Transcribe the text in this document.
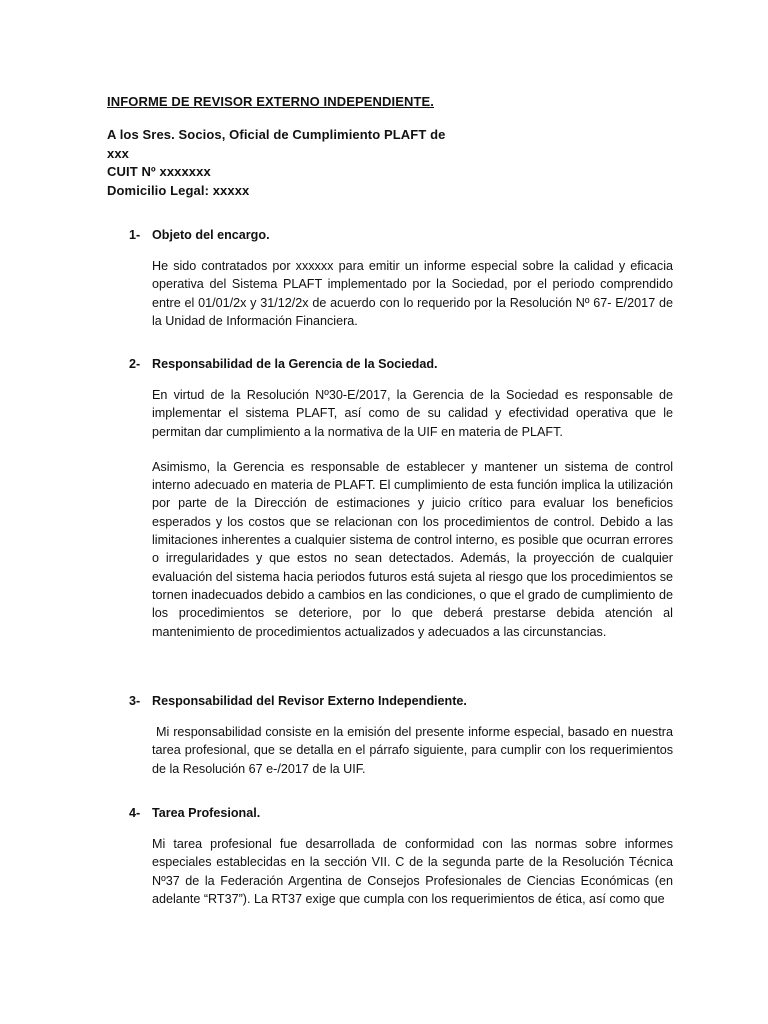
INFORME DE REVISOR EXTERNO INDEPENDIENTE.
A los Sres. Socios, Oficial de Cumplimiento PLAFT de
xxx
CUIT Nº xxxxxxx
Domicilio Legal: xxxxx
1- Objeto del encargo.

He sido contratados por xxxxxx para emitir un informe especial sobre la calidad y eficacia operativa del Sistema PLAFT implementado por la Sociedad, por el periodo comprendido entre el 01/01/2x y 31/12/2x de acuerdo con lo requerido por la Resolución Nº 67- E/2017 de la Unidad de Información Financiera.

2- Responsabilidad de la Gerencia de la Sociedad.

En virtud de la Resolución Nº30-E/2017, la Gerencia de la Sociedad es responsable de implementar el sistema PLAFT, así como de su calidad y efectividad operativa que le permitan dar cumplimiento a la normativa de la UIF en materia de PLAFT.

Asimismo, la Gerencia es responsable de establecer y mantener un sistema de control interno adecuado en materia de PLAFT. El cumplimiento de esta función implica la utilización por parte de la Dirección de estimaciones y juicio crítico para evaluar los beneficios esperados y los costos que se relacionan con los procedimientos de control. Debido a las limitaciones inherentes a cualquier sistema de control interno, es posible que ocurran errores o irregularidades y que estos no sean detectados. Además, la proyección de cualquier evaluación del sistema hacia periodos futuros está sujeta al riesgo que los procedimientos se tornen inadecuados debido a cambios en las condiciones, o que el grado de cumplimiento de los procedimientos se deteriore, por lo que deberá prestarse debida atención al mantenimiento de procedimientos actualizados y adecuados a las circunstancias.

3- Responsabilidad del Revisor Externo Independiente.

Mi responsabilidad consiste en la emisión del presente informe especial, basado en nuestra tarea profesional, que se detalla en el párrafo siguiente, para cumplir con los requerimientos de la Resolución 67 e-/2017 de la UIF.

4- Tarea Profesional.

Mi tarea profesional fue desarrollada de conformidad con las normas sobre informes especiales establecidas en la sección VII. C de la segunda parte de la Resolución Técnica Nº37 de la Federación Argentina de Consejos Profesionales de Ciencias Económicas (en adelante “RT37”). La RT37 exige que cumpla con los requerimientos de ética, así como que
